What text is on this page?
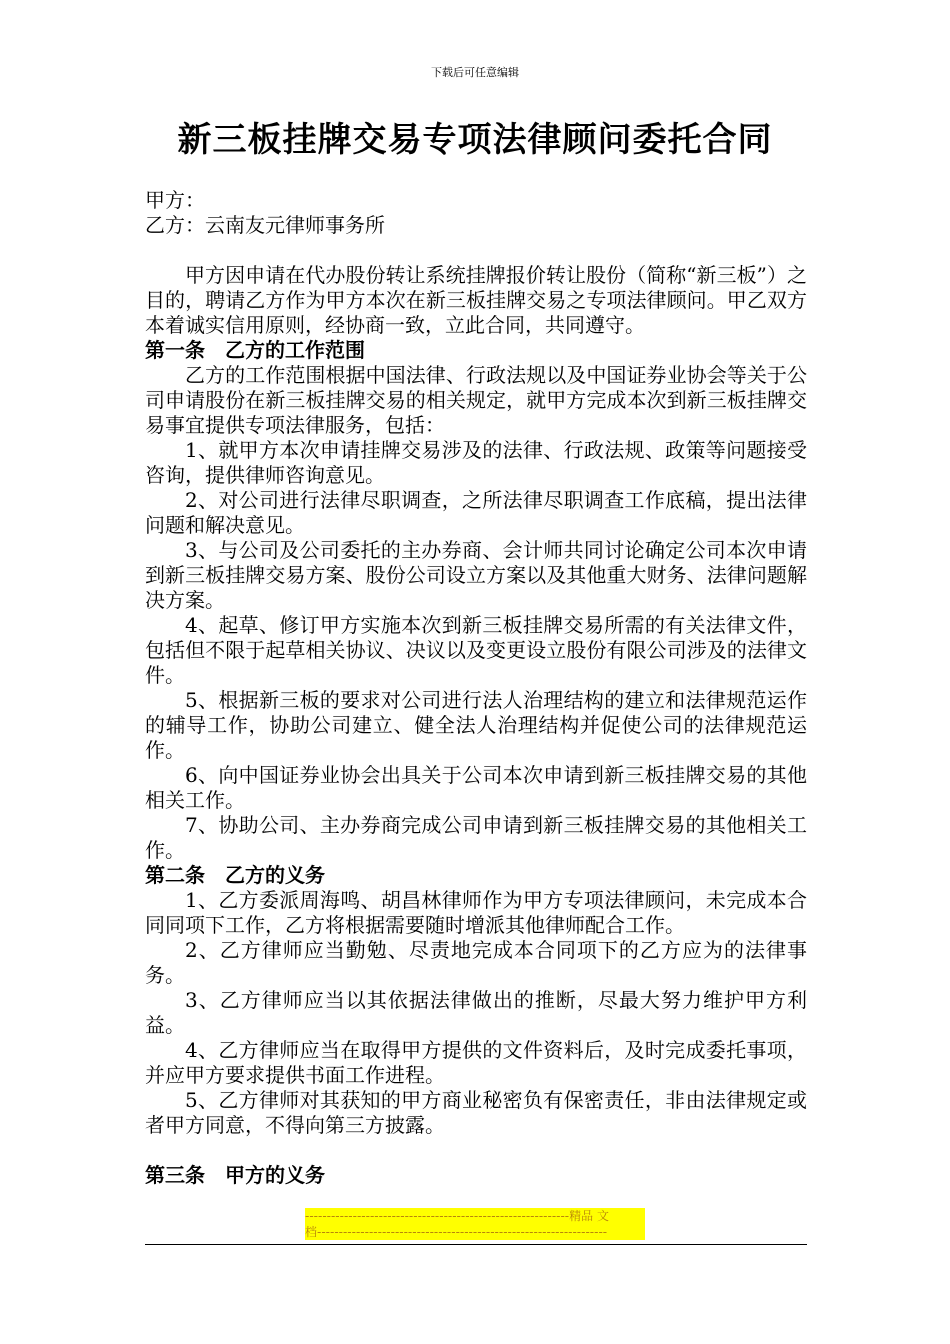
下载后可任意编辑
新三板挂牌交易专项法律顾问委托合同

甲方：

乙方：云南友元律师事务所

甲方因申请在代办股份转让系统挂牌报价转让股份（简称“新三板”）之目的，聘请乙方作为甲方本次在新三板挂牌交易之专项法律顾问。甲乙双方本着诚实信用原则，经协商一致，立此合同，共同遵守。

第一条　乙方的工作范围

乙方的工作范围根据中国法律、行政法规以及中国证券业协会等关于公司申请股份在新三板挂牌交易的相关规定，就甲方完成本次到新三板挂牌交易事宜提供专项法律服务，包括：

1、就甲方本次申请挂牌交易涉及的法律、行政法规、政策等问题接受咨询，提供律师咨询意见。

2、对公司进行法律尽职调查，之所法律尽职调查工作底稿，提出法律问题和解决意见。

3、与公司及公司委托的主办券商、会计师共同讨论确定公司本次申请到新三板挂牌交易方案、股份公司设立方案以及其他重大财务、法律问题解决方案。

4、起草、修订甲方实施本次到新三板挂牌交易所需的有关法律文件，包括但不限于起草相关协议、决议以及变更设立股份有限公司涉及的法律文件。

5、根据新三板的要求对公司进行法人治理结构的建立和法律规范运作的辅导工作，协助公司建立、健全法人治理结构并促使公司的法律规范运作。

6、向中国证券业协会出具关于公司本次申请到新三板挂牌交易的其他相关工作。

7、协助公司、主办券商完成公司申请到新三板挂牌交易的其他相关工作。

第二条　乙方的义务

1、乙方委派周海鸣、胡昌林律师作为甲方专项法律顾问，未完成本合同同项下工作，乙方将根据需要随时增派其他律师配合工作。

2、乙方律师应当勤勉、尽责地完成本合同项下的乙方应为的法律事务。

3、乙方律师应当以其依据法律做出的推断，尽最大努力维护甲方利益。

4、乙方律师应当在取得甲方提供的文件资料后，及时完成委托事项，并应甲方要求提供书面工作进程。

5、乙方律师对其获知的甲方商业秘密负有保密责任，非由法律规定或者甲方同意，不得向第三方披露。

第三条　甲方的义务
-------------------------------------------------------------精品 文
档-------------------------------------------------------------------
